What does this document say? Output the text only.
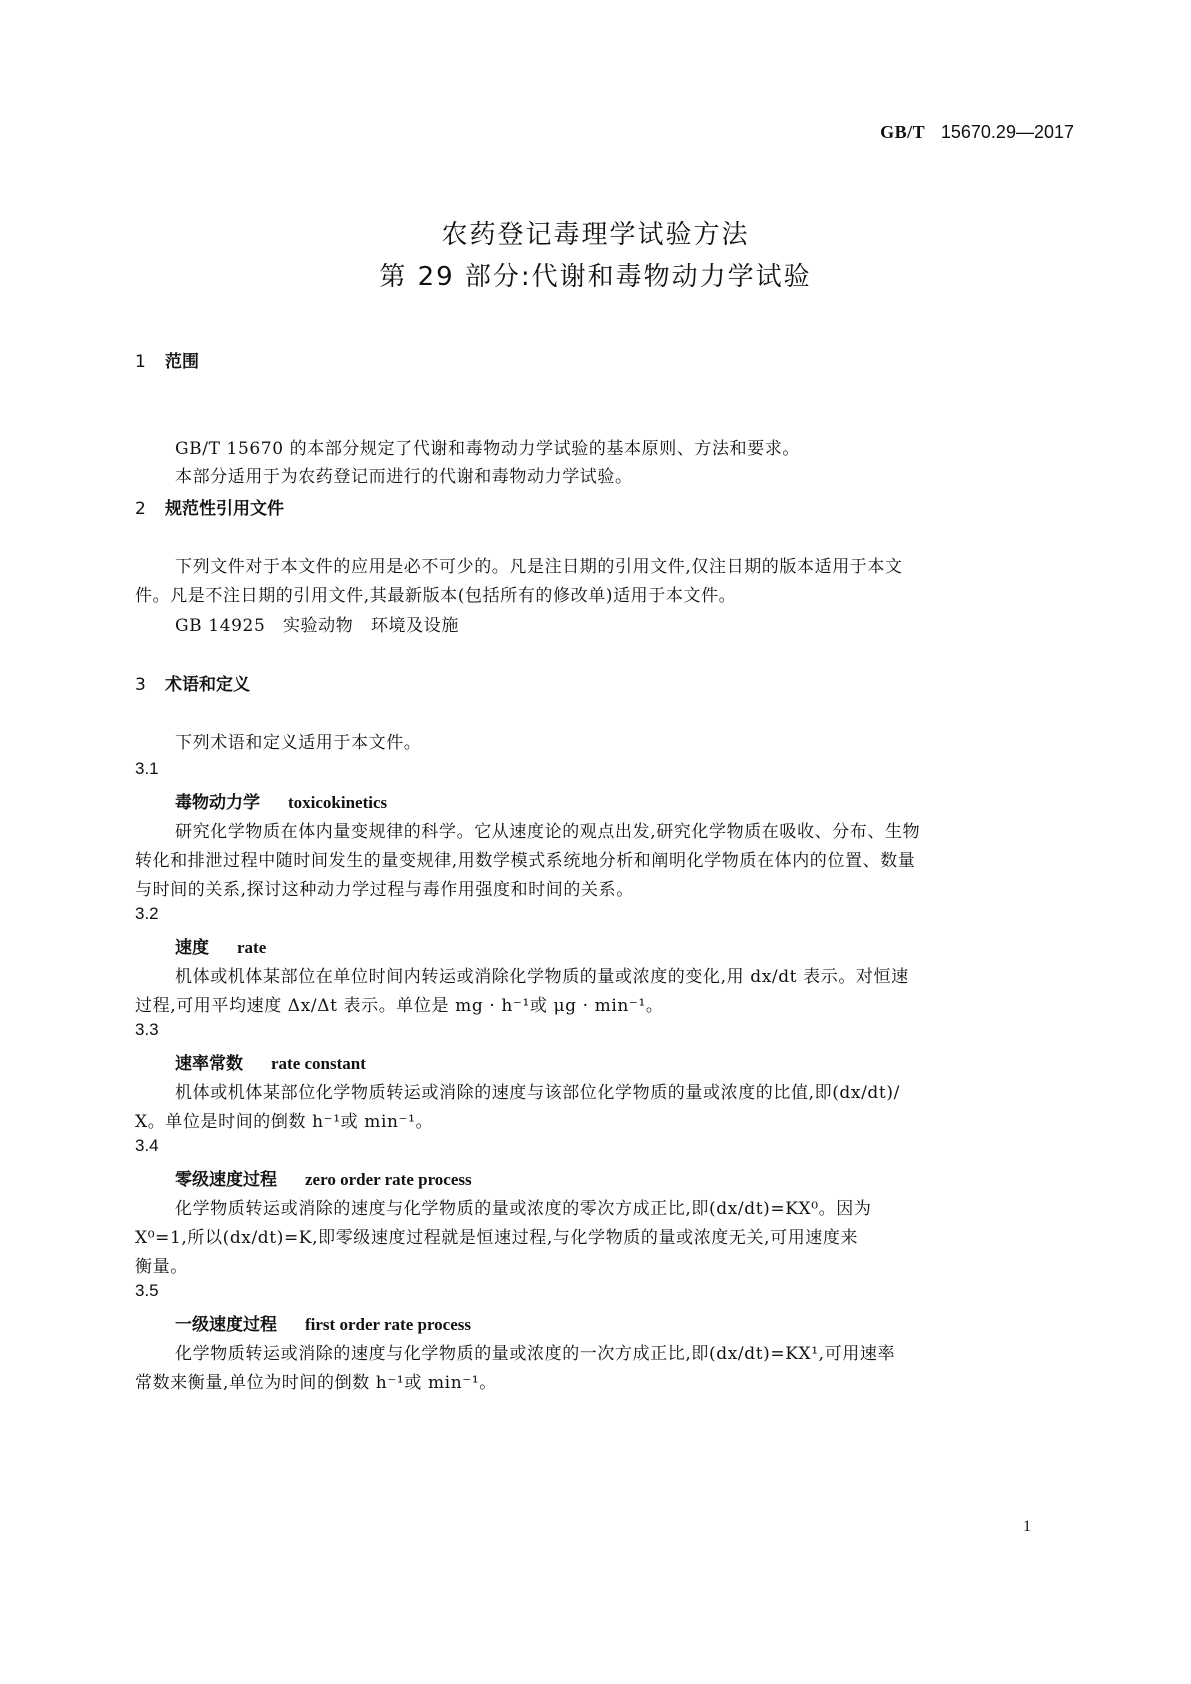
GB/T 15670.29—2017
农药登记毒理学试验方法
第 29 部分:代谢和毒物动力学试验
1 范围
GB/T 15670 的本部分规定了代谢和毒物动力学试验的基本原则、方法和要求。
本部分适用于为农药登记而进行的代谢和毒物动力学试验。
2 规范性引用文件
下列文件对于本文件的应用是必不可少的。凡是注日期的引用文件,仅注日期的版本适用于本文
件。凡是不注日期的引用文件,其最新版本(包括所有的修改单)适用于本文件。
GB 14925　实验动物　环境及设施
3 术语和定义
下列术语和定义适用于本文件。
3.1
毒物动力学 toxicokinetics
研究化学物质在体内量变规律的科学。它从速度论的观点出发,研究化学物质在吸收、分布、生物
转化和排泄过程中随时间发生的量变规律,用数学模式系统地分析和阐明化学物质在体内的位置、数量
与时间的关系,探讨这种动力学过程与毒作用强度和时间的关系。
3.2
速度 rate
机体或机体某部位在单位时间内转运或消除化学物质的量或浓度的变化,用 dx/dt 表示。对恒速
过程,可用平均速度 Δx/Δt 表示。单位是 mg · h⁻¹或 μg · min⁻¹。
3.3
速率常数 rate constant
机体或机体某部位化学物质转运或消除的速度与该部位化学物质的量或浓度的比值,即(dx/dt)/
X。单位是时间的倒数 h⁻¹或 min⁻¹。
3.4
零级速度过程 zero order rate process
化学物质转运或消除的速度与化学物质的量或浓度的零次方成正比,即(dx/dt)=KX⁰。因为
X⁰=1,所以(dx/dt)=K,即零级速度过程就是恒速过程,与化学物质的量或浓度无关,可用速度来
衡量。
3.5
一级速度过程 first order rate process
化学物质转运或消除的速度与化学物质的量或浓度的一次方成正比,即(dx/dt)=KX¹,可用速率
常数来衡量,单位为时间的倒数 h⁻¹或 min⁻¹。
1
